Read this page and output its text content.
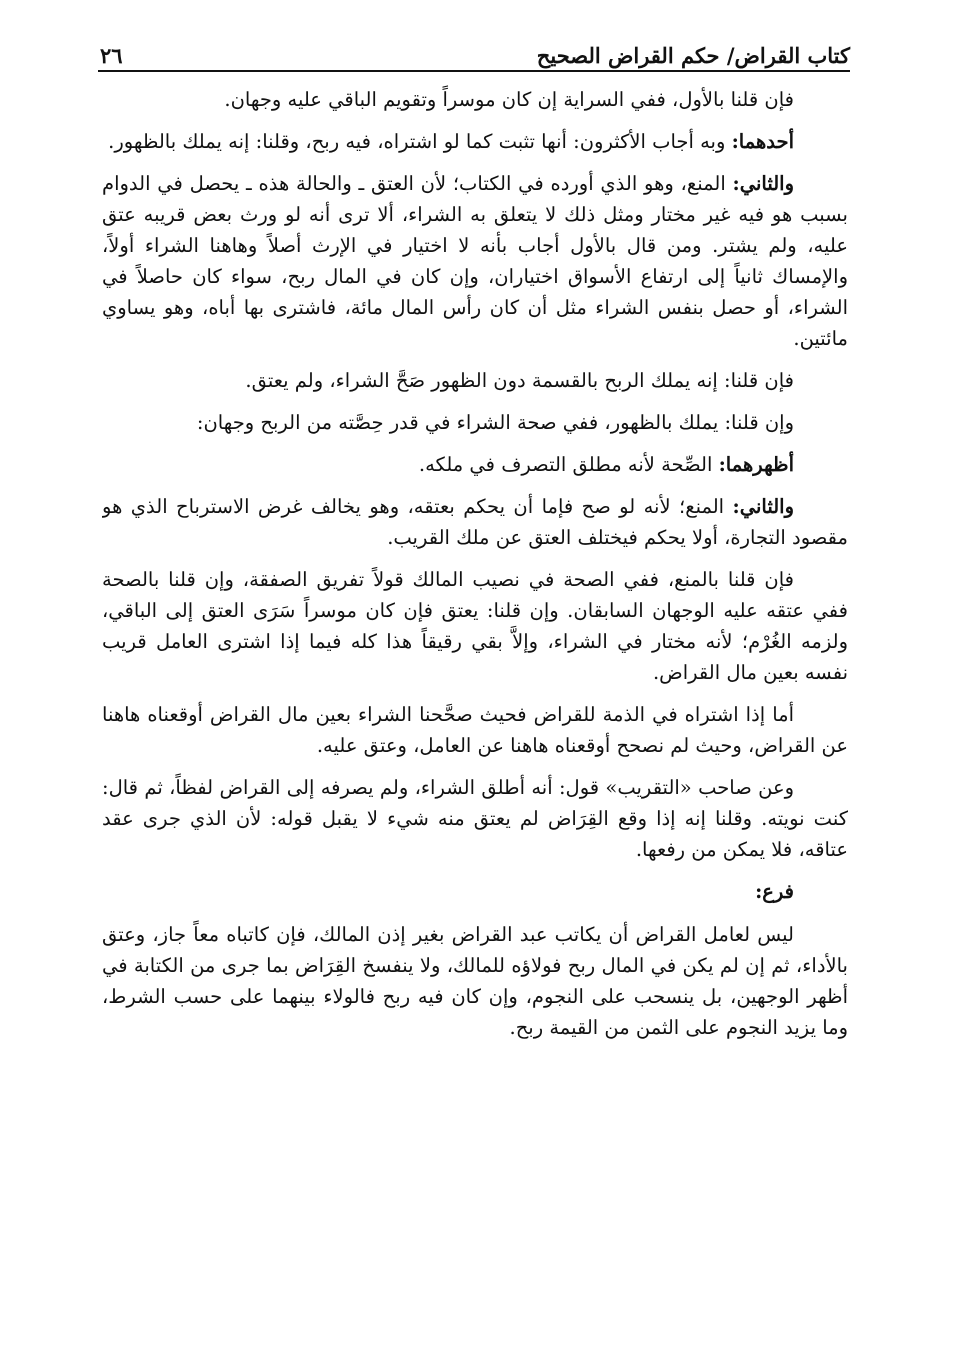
كتاب القراض/ حكم القراض الصحيح
٢٦

فإن قلنا بالأول، ففي السراية إن كان موسراً وتقويم الباقي عليه وجهان.

أحدهما: وبه أجاب الأكثرون: أنها تثبت كما لو اشتراه، فيه ربح، وقلنا: إنه يملك بالظهور.

والثاني: المنع، وهو الذي أورده في الكتاب؛ لأن العتق ـ والحالة هذه ـ يحصل في الدوام بسبب هو فيه غير مختار ومثل ذلك لا يتعلق به الشراء، ألا ترى أنه لو ورث بعض قريبه عتق عليه، ولم يشتر. ومن قال بالأول أجاب بأنه لا اختيار في الإرث أصلاً وهاهنا الشراء أولاً، والإمساك ثانياً إلى ارتفاع الأسواق اختياران، وإن كان في المال ربح، سواء كان حاصلاً في الشراء، أو حصل بنفس الشراء مثل أن كان رأس المال مائة، فاشترى بها أباه، وهو يساوي مائتين.

فإن قلنا: إنه يملك الربح بالقسمة دون الظهور صَحَّ الشراء، ولم يعتق.

وإن قلنا: يملك بالظهور، ففي صحة الشراء في قدر حِصَّته من الربح وجهان:

أظهرهما: الصِّحة لأنه مطلق التصرف في ملكه.

والثاني: المنع؛ لأنه لو صح فإما أن يحكم بعتقه، وهو يخالف غرض الاسترباح الذي هو مقصود التجارة، أولا يحكم فيختلف العتق عن ملك القريب.

فإن قلنا بالمنع، ففي الصحة في نصيب المالك قولاً تفريق الصفقة، وإن قلنا بالصحة ففي عتقه عليه الوجهان السابقان. وإن قلنا: يعتق فإن كان موسراً سَرَى العتق إلى الباقي، ولزمه الغُرْم؛ لأنه مختار في الشراء، وإلاَّ بقي رقيقاً هذا كله فيما إذا اشترى العامل قريب نفسه بعين مال القراض.

أما إذا اشتراه في الذمة للقراض فحيث صحَّحنا الشراء بعين مال القراض أوقعناه هاهنا عن القراض، وحيث لم نصحح أوقعناه هاهنا عن العامل، وعتق عليه.

وعن صاحب «التقريب» قول: أنه أطلق الشراء، ولم يصرفه إلى القراض لفظاً، ثم قال: كنت نويته. وقلنا إنه إذا وقع القِرَاض لم يعتق منه شيء لا يقبل قوله: لأن الذي جرى عقد عتاقه، فلا يمكن من رفعها.

فرع:

ليس لعامل القراض أن يكاتب عبد القراض بغير إذن المالك، فإن كاتباه معاً جاز، وعتق بالأداء، ثم إن لم يكن في المال ربح فولاؤه للمالك، ولا ينفسخ القِرَاض بما جرى من الكتابة في أظهر الوجهين، بل ينسحب على النجوم، وإن كان فيه ربح فالولاء بينهما على حسب الشرط، وما يزيد النجوم على الثمن من القيمة ربح.
